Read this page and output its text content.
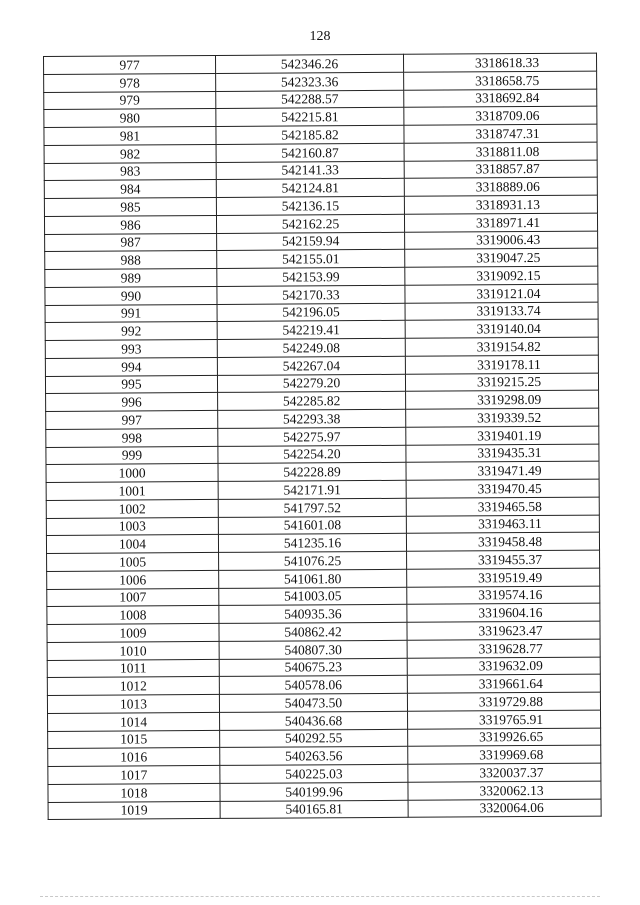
128
977	542346.26	3318618.33
978	542323.36	3318658.75
979	542288.57	3318692.84
980	542215.81	3318709.06
981	542185.82	3318747.31
982	542160.87	3318811.08
983	542141.33	3318857.87
984	542124.81	3318889.06
985	542136.15	3318931.13
986	542162.25	3318971.41
987	542159.94	3319006.43
988	542155.01	3319047.25
989	542153.99	3319092.15
990	542170.33	3319121.04
991	542196.05	3319133.74
992	542219.41	3319140.04
993	542249.08	3319154.82
994	542267.04	3319178.11
995	542279.20	3319215.25
996	542285.82	3319298.09
997	542293.38	3319339.52
998	542275.97	3319401.19
999	542254.20	3319435.31
1000	542228.89	3319471.49
1001	542171.91	3319470.45
1002	541797.52	3319465.58
1003	541601.08	3319463.11
1004	541235.16	3319458.48
1005	541076.25	3319455.37
1006	541061.80	3319519.49
1007	541003.05	3319574.16
1008	540935.36	3319604.16
1009	540862.42	3319623.47
1010	540807.30	3319628.77
1011	540675.23	3319632.09
1012	540578.06	3319661.64
1013	540473.50	3319729.88
1014	540436.68	3319765.91
1015	540292.55	3319926.65
1016	540263.56	3319969.68
1017	540225.03	3320037.37
1018	540199.96	3320062.13
1019	540165.81	3320064.06
